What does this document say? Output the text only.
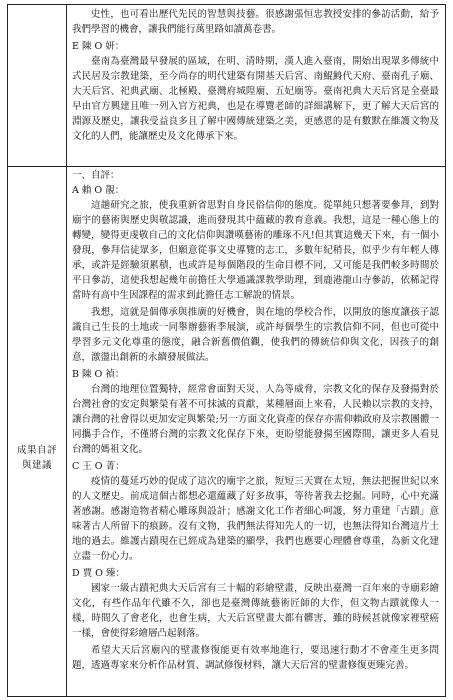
成果自評
與建議
史性，也可看出歷代先民的智慧與技藝。很感謝張恒忠教授安排的參訪活動，給予我們學習的機會，讓我們能行萬里路如讀萬卷書。
E 陳 O 妍：
臺南為臺灣最早發展的區域，在明、清時期，漢人進入臺南，開始出現眾多傳統中式民居及宗教建築，至今尚存的明代建築有開基天后宮、南鯤鯓代天府、臺南孔子廟、大天后宮、祀典武廟、北極殿、臺灣府城隍廟、五妃廟等。臺南祀典大天后宮是全臺最早由官方興建且唯一列入官方祀典，也是在導覽老師的詳細講解下，更了解大天后宮的淵源及歷史，讓我受益良多且了解中國傳統建築之美，更感恩的是有數默在維護文物及文化的人們，能讓歷史及文化傳承下來。
一、自評：
A 賴 O 靚：
這趟研究之旅，使我重新省思對自身民俗信仰的態度。從單純只想著要參拜，到對廟宇的藝術與歷史與敬認識，進而發現其中蘊藏的教育意義。我想，這是一種心態上的轉變，變得更虔敬自己的文化信仰與讚嘆藝術的雕琢不凡!但其實這幾天下來，有一個小發現，參拜信徒眾多，但願意從事文史導覽的志工，多數年紀稍長，似乎少有年輕人傳承，或許是經驗須累積，也或許是每個階段的生命目標不同，又可能是我們較多時間於平日參訪，這使我想起幾年前擔任大學通識課教學助理，到鹿港龍山寺參訪，依稀記得當時有高中生因課程的需求到此擔任志工解說的情景。
我想，這就是個傳承與推廣的好機會，與在地的學校合作，以開放的態度讓孩子認識自己生長的土地或一同舉辦藝術季展演，或許每個學生的宗教信仰不同，但也可從中學習多元文化尊重的態度，融合新舊價值觀，使我們的傳統信仰與文化，因孩子的創意，激盪出創新的永續發展做法。
B 陳 O 禎：
台灣的地理位置獨特，經常會面對天災、人為等威脅，宗教文化的保存及發揚對於台灣社會的安定與繁榮有著不可抹滅的貢獻，某種層面上來看，人民賴以宗教的支持，讓台灣的社會得以更加安定與繁榮;另一方面文化資產的保存亦需仰賴政府及宗教團體一同攜手合作，不僅將台灣的宗教文化保存下來，更盼望能發揚至國際間，讓更多人看見台灣的媽祖文化。
C 王 O 菁：
疫情的蔓延巧妙的促成了這次的廟宇之旅，短短三天實在太短，無法把握世紀以來的人文歷史。前成這個古都想必還蘊藏了好多故事，等待著我去挖掘。同時，心中充滿著感謝。感謝造物者精心雕琢與設計；感謝文化工作者細心呵護，努力重建「古蹟」意味著古人所留下的痕跡。沒有文物，我們無法得知先人的一切，也無法得知台灣這片土地的過去。維護古蹟現在已經成為建築的顯學，我們也應要心理體會尊重，為新文化建立盡一份心力。
D 賈 O 臻：
國家一級古蹟祀典大天后宮有三十幅的彩繪壁畫，反映出臺灣一百年來的寺廟彩繪文化，有些作品年代雖不久，卻也是臺灣傳統藝術匠師的大作，但文物古蹟就像人一樣，時間久了會老化，也會生病，大天后宮壁畫大都有髒害，雖的時候甚就像家裡壁癌一樣，會使得彩繪層凸起剝落。
希望大天后宮廟內的壁畫修復能更有效率地進行，要迅速行動才不會產生更多問題，透過專家來分析作品材質、調試修復材料，讓大天后宮的壁畫修復更臻完善。
